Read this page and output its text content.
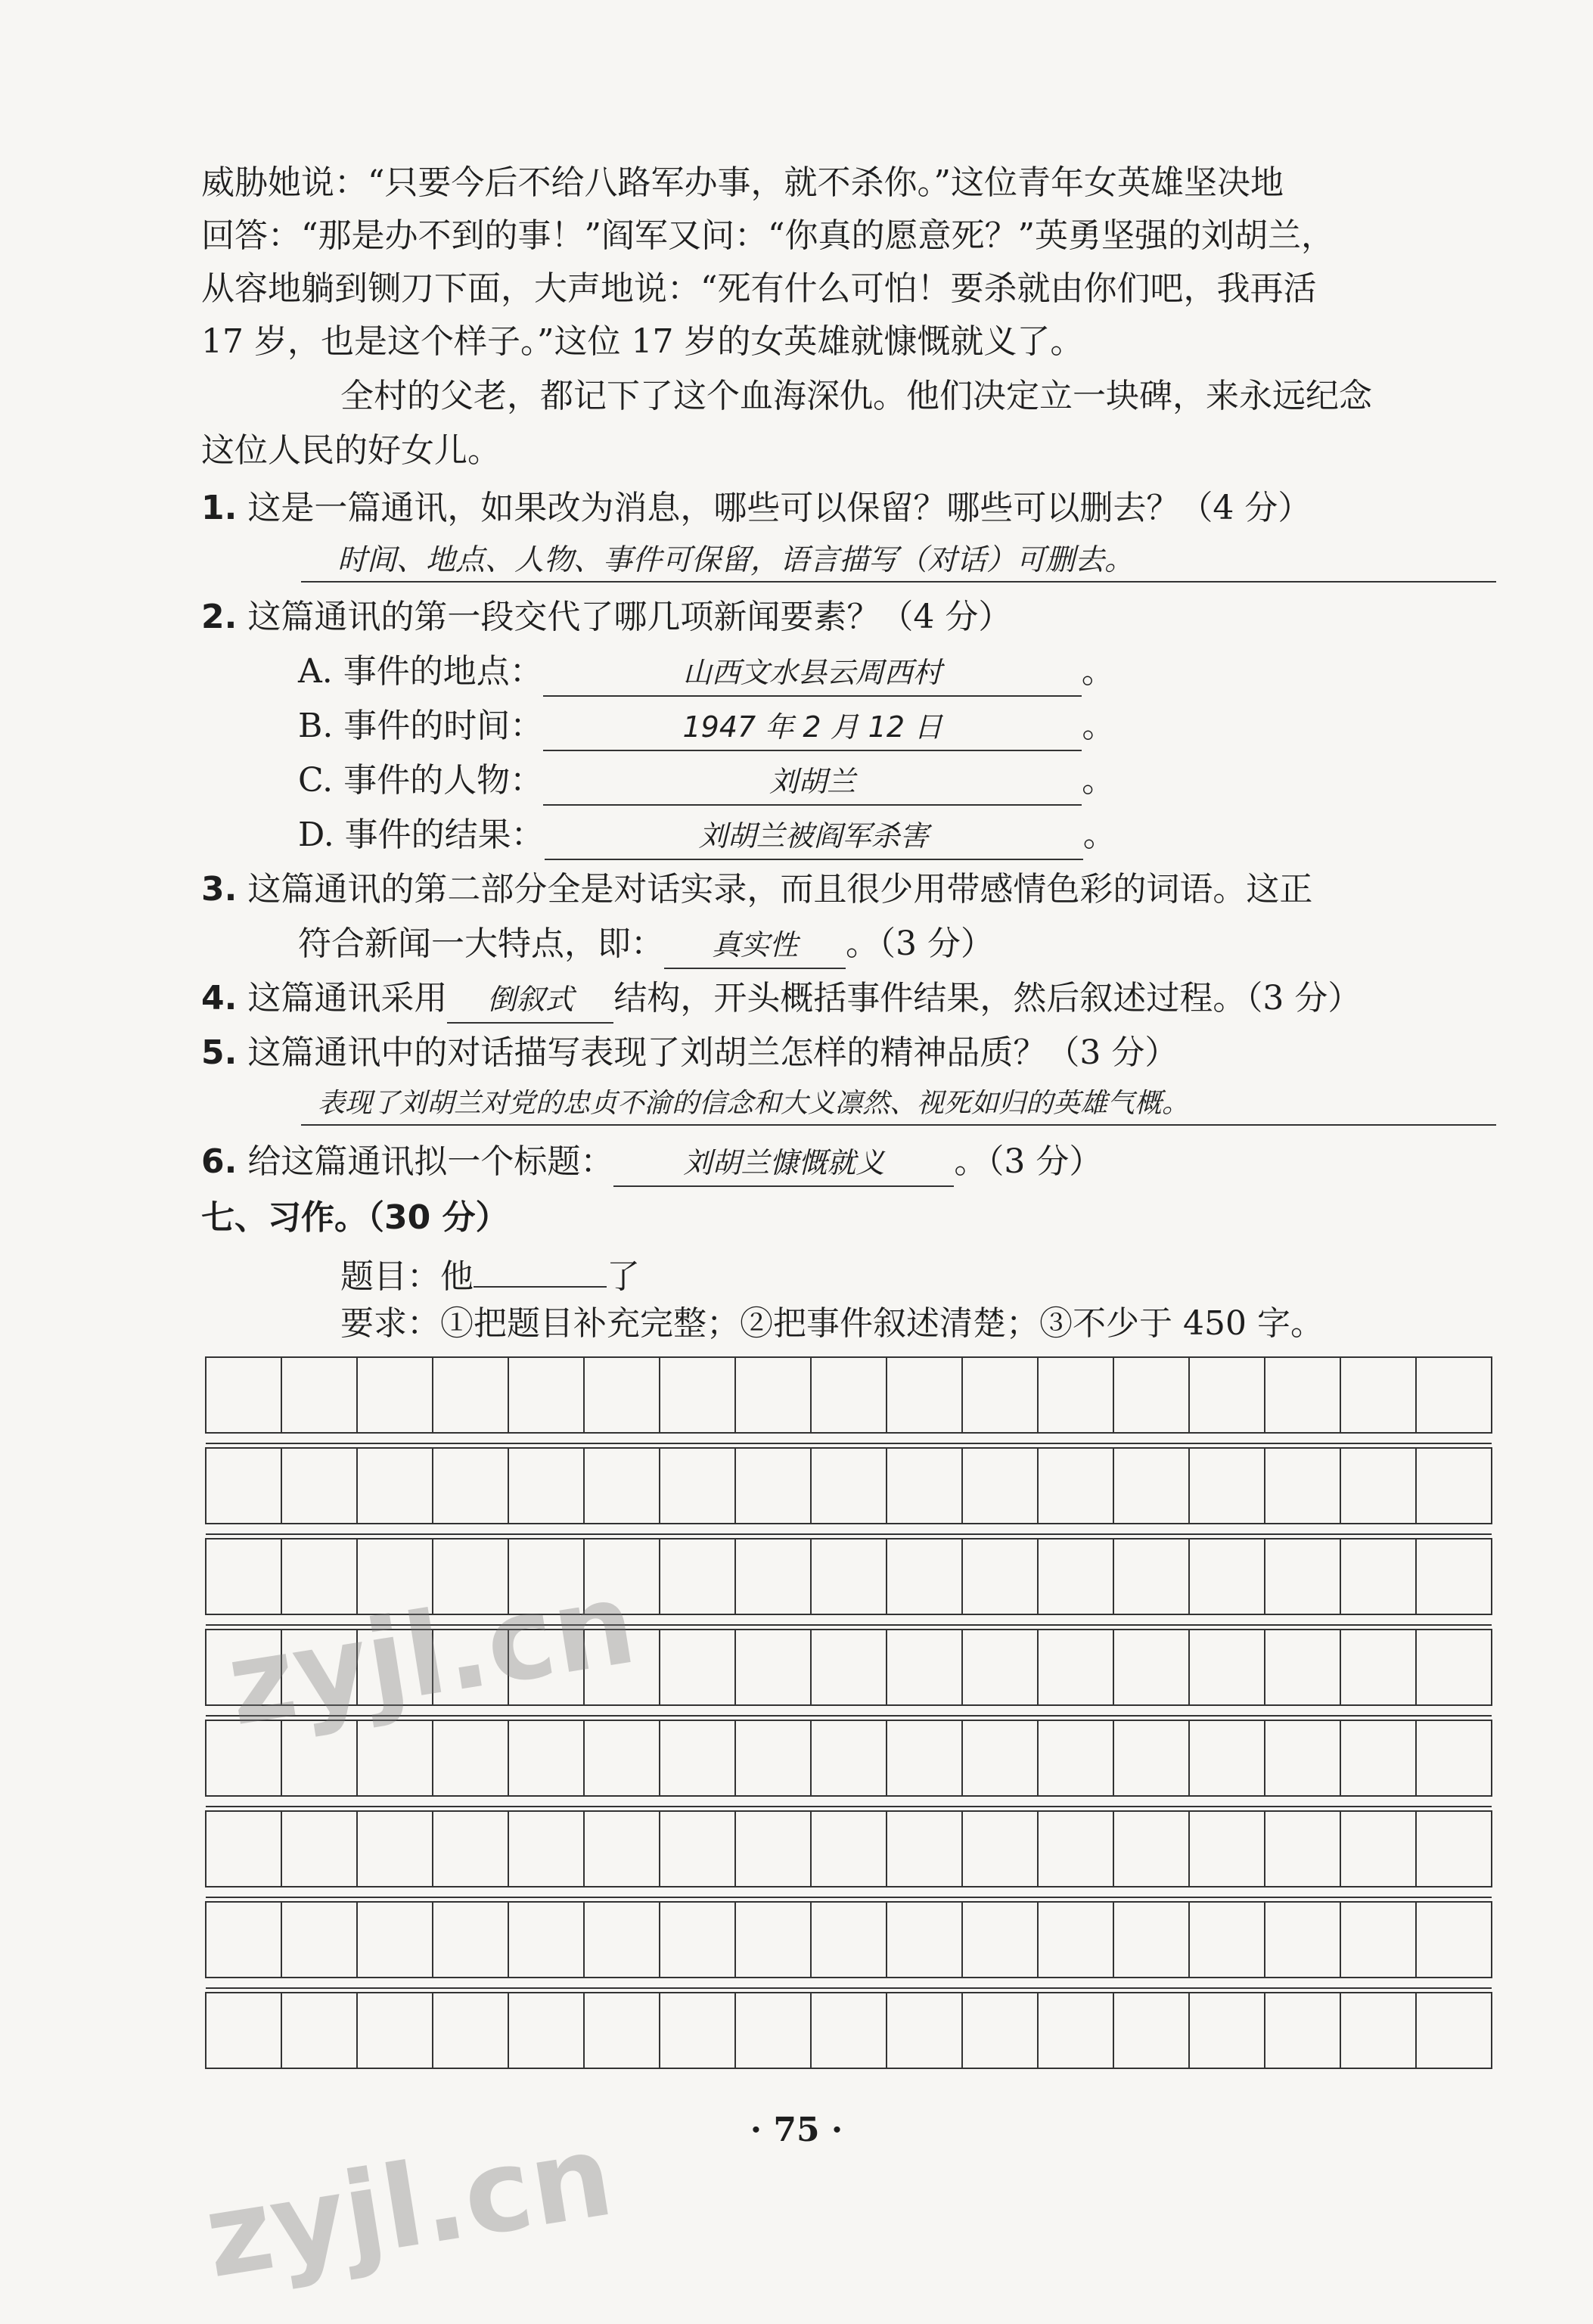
威胁她说：“只要今后不给八路军办事，就不杀你。”这位青年女英雄坚决地
回答：“那是办不到的事！”阎军又问：“你真的愿意死？”英勇坚强的刘胡兰，
从容地躺到铡刀下面，大声地说：“死有什么可怕！要杀就由你们吧，我再活
17 岁，也是这个样子。”这位 17 岁的女英雄就慷慨就义了。
全村的父老，都记下了这个血海深仇。他们决定立一块碑，来永远纪念
这位人民的好女儿。
1. 这是一篇通讯，如果改为消息，哪些可以保留？哪些可以删去？（4 分）
时间、地点、人物、事件可保留，语言描写（对话）可删去。
2. 这篇通讯的第一段交代了哪几项新闻要素？（4 分）
A. 事件的地点：	山西文水县云周西村	。
B. 事件的时间：	1947 年 2 月 12 日	。
C. 事件的人物：	刘胡兰	。
D. 事件的结果：	刘胡兰被阎军杀害	。
3. 这篇通讯的第二部分全是对话实录，而且很少用带感情色彩的词语。这正
符合新闻一大特点，即： 真实性 。（3 分）
4. 这篇通讯采用 倒叙式 结构，开头概括事件结果，然后叙述过程。（3 分）
5. 这篇通讯中的对话描写表现了刘胡兰怎样的精神品质？（3 分）
表现了刘胡兰对党的忠贞不渝的信念和大义凛然、视死如归的英雄气概。
6. 给这篇通讯拟一个标题： 刘胡兰慷慨就义 。（3 分）
七、习作。（30 分）
题目：他	了
要求：①把题目补充完整；②把事件叙述清楚；③不少于 450 字。
· 75 ·
zyjl.cn
zyjl.cn
